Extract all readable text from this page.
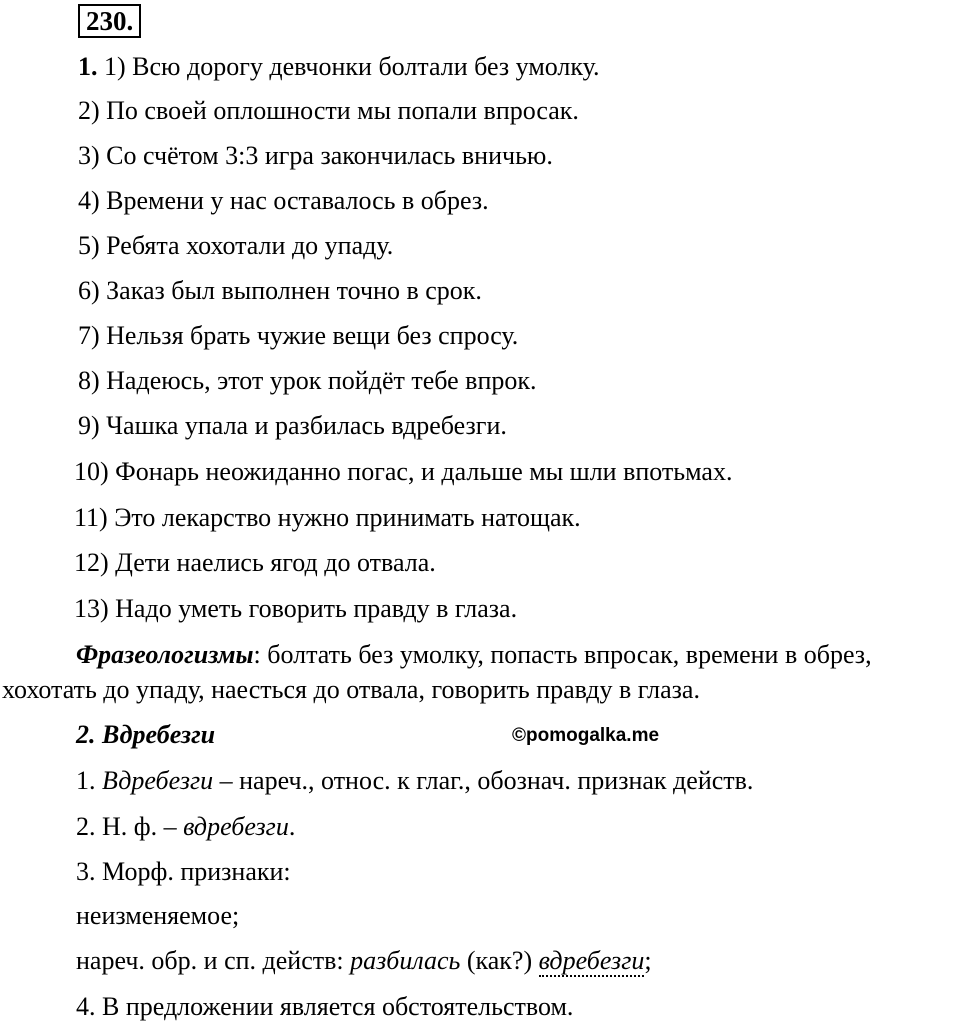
230.
1. 1) Всю дорогу девчонки болтали без умолку.
2) По своей оплошности мы попали впросак.
3) Со счётом 3:3 игра закончилась вничью.
4) Времени у нас оставалось в обрез.
5) Ребята хохотали до упаду.
6) Заказ был выполнен точно в срок.
7) Нельзя брать чужие вещи без спросу.
8) Надеюсь, этот урок пойдёт тебе впрок.
9) Чашка упала и разбилась вдребезги.
10) Фонарь неожиданно погас, и дальше мы шли впотьмах.
11) Это лекарство нужно принимать натощак.
12) Дети наелись ягод до отвала.
13) Надо уметь говорить правду в глаза.
Фразеологизмы: болтать без умолку, попасть впросак, времени в обрез,
хохотать до упаду, наесться до отвала, говорить правду в глаза.
2. Вдребезги	©pomogalka.me
1. Вдребезги – нареч., относ. к глаг., обознач. признак действ.
2. Н. ф. – вдребезги.
3. Морф. признаки:
неизменяемое;
нареч. обр. и сп. действ: разбилась (как?) вдребезги;
4. В предложении является обстоятельством.
